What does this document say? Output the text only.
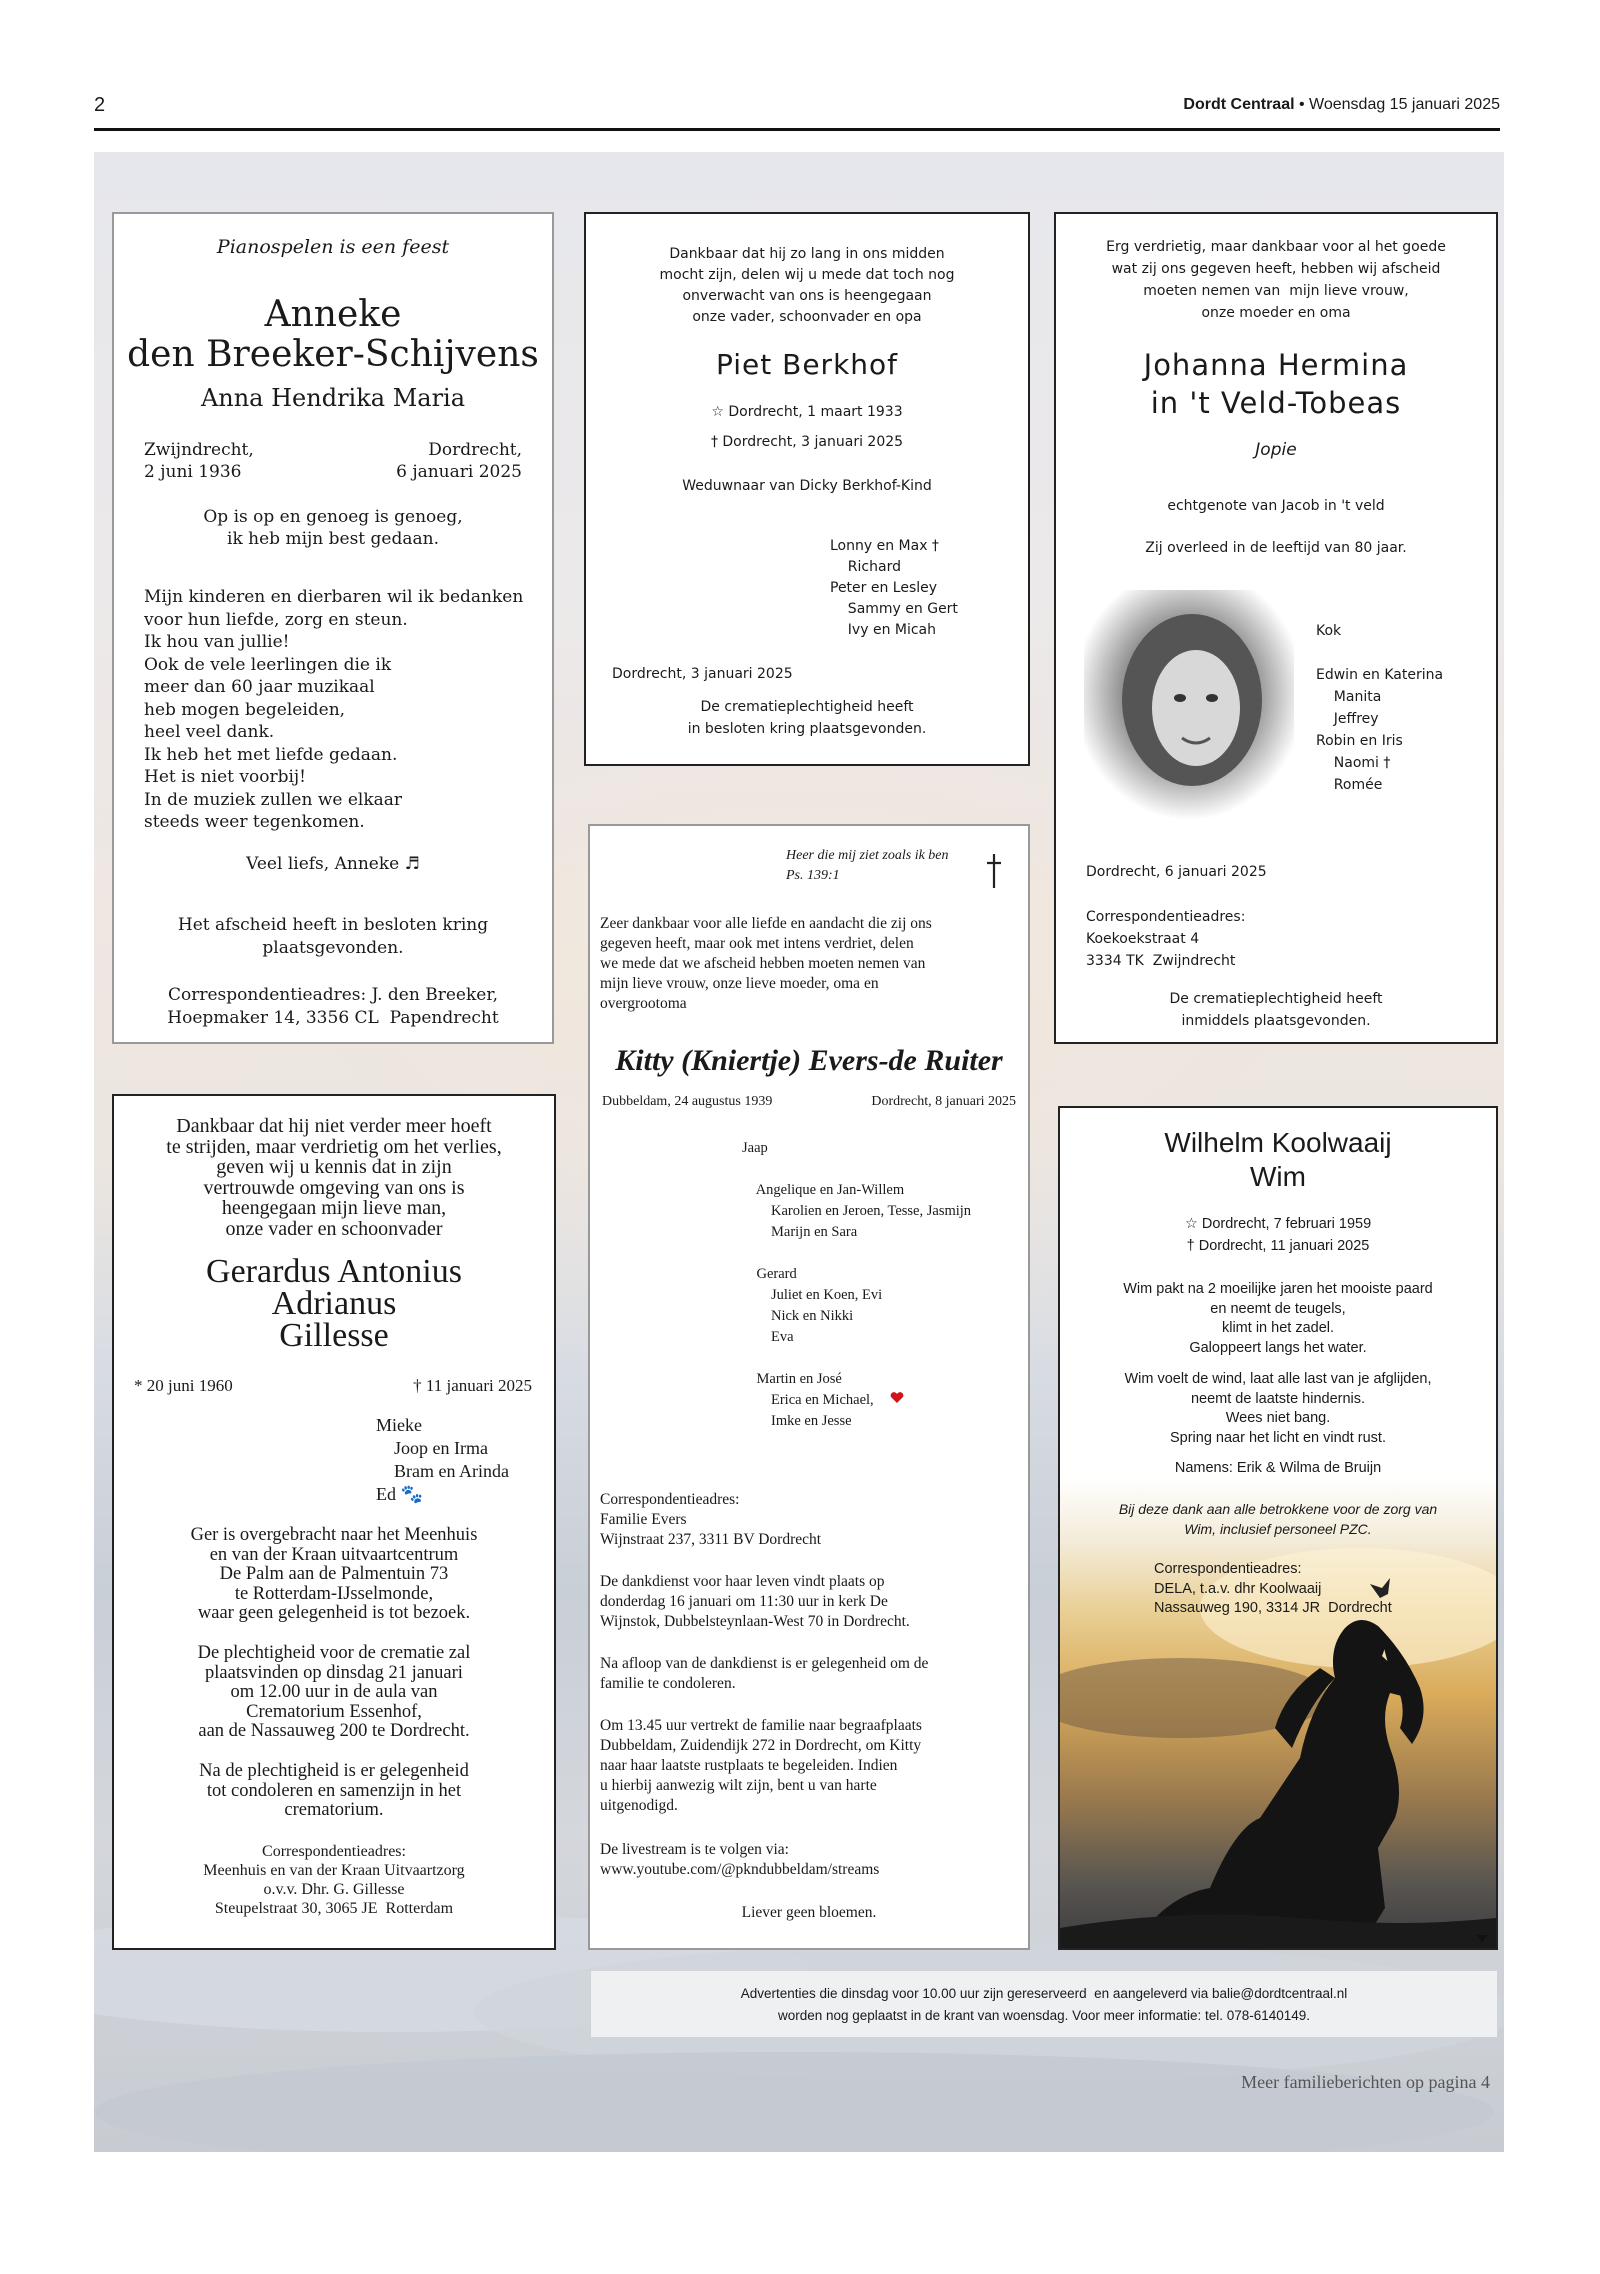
2	Dordt Centraal • Woensdag 15 januari 2025
Pianospelen is een feest
Anneke
den Breeker-Schijvens
Anna Hendrika Maria
Zwijndrecht,
2 juni 1936
Dordrecht,
6 januari 2025
Op is op en genoeg is genoeg,
ik heb mijn best gedaan.
Mijn kinderen en dierbaren wil ik bedanken
voor hun liefde, zorg en steun.
Ik hou van jullie!
Ook de vele leerlingen die ik
meer dan 60 jaar muzikaal
heb mogen begeleiden,
heel veel dank.
Ik heb het met liefde gedaan.
Het is niet voorbij!
In de muziek zullen we elkaar
steeds weer tegenkomen.
Veel liefs, Anneke ♬
Het afscheid heeft in besloten kring
plaatsgevonden.
Correspondentieadres: J. den Breeker,
Hoepmaker 14, 3356 CL  Papendrecht
Dankbaar dat hij zo lang in ons midden
mocht zijn, delen wij u mede dat toch nog
onverwacht van ons is heengegaan
onze vader, schoonvader en opa
Piet Berkhof
☆ Dordrecht, 1 maart 1933
† Dordrecht, 3 januari 2025
Weduwnaar van Dicky Berkhof-Kind
Lonny en Max †
Richard
Peter en Lesley
Sammy en Gert
Ivy en Micah
Dordrecht, 3 januari 2025
De crematieplechtigheid heeft
in besloten kring plaatsgevonden.
Erg verdrietig, maar dankbaar voor al het goede
wat zij ons gegeven heeft, hebben wij afscheid
moeten nemen van  mijn lieve vrouw,
onze moeder en oma
Johanna Hermina
in 't Veld-Tobeas
Jopie
echtgenote van Jacob in 't veld
Zij overleed in de leeftijd van 80 jaar.
Kok

Edwin en Katerina
Manita
Jeffrey
Robin en Iris
Naomi †
Romée
Dordrecht, 6 januari 2025
Correspondentieadres:
Koekoekstraat 4
3334 TK  Zwijndrecht
De crematieplechtigheid heeft
inmiddels plaatsgevonden.
Heer die mij ziet zoals ik ben
Ps. 139:1
Zeer dankbaar voor alle liefde en aandacht die zij ons
gegeven heeft, maar ook met intens verdriet, delen
we mede dat we afscheid hebben moeten nemen van
mijn lieve vrouw, onze lieve moeder, oma en
overgrootoma
Kitty (Kniertje) Evers-de Ruiter
Dubbeldam, 24 augustus 1939	Dordrecht, 8 januari 2025
Jaap

Angelique en Jan-Willem
Karolien en Jeroen, Tesse, Jasmijn
Marijn en Sara

Gerard
Juliet en Koen, Evi
Nick en Nikki
Eva

Martin en José
Erica en Michael,
Imke en Jesse
Correspondentieadres:
Familie Evers
Wijnstraat 237, 3311 BV Dordrecht
De dankdienst voor haar leven vindt plaats op
donderdag 16 januari om 11:30 uur in kerk De
Wijnstok, Dubbelsteynlaan-West 70 in Dordrecht.
Na afloop van de dankdienst is er gelegenheid om de
familie te condoleren.
Om 13.45 uur vertrekt de familie naar begraafplaats
Dubbeldam, Zuidendijk 272 in Dordrecht, om Kitty
naar haar laatste rustplaats te begeleiden. Indien
u hierbij aanwezig wilt zijn, bent u van harte
uitgenodigd.
De livestream is te volgen via:
www.youtube.com/@pkndubbeldam/streams
Liever geen bloemen.
Dankbaar dat hij niet verder meer hoeft
te strijden, maar verdrietig om het verlies,
geven wij u kennis dat in zijn
vertrouwde omgeving van ons is
heengegaan mijn lieve man,
onze vader en schoonvader
Gerardus Antonius
Adrianus
Gillesse
* 20 juni 1960	† 11 januari 2025
Mieke
Joop en Irma
Bram en Arinda
Ed 🐾
Ger is overgebracht naar het Meenhuis
en van der Kraan uitvaartcentrum
De Palm aan de Palmentuin 73
te Rotterdam-IJsselmonde,
waar geen gelegenheid is tot bezoek.
De plechtigheid voor de crematie zal
plaatsvinden op dinsdag 21 januari
om 12.00 uur in de aula van
Crematorium Essenhof,
aan de Nassauweg 200 te Dordrecht.
Na de plechtigheid is er gelegenheid
tot condoleren en samenzijn in het
crematorium.
Correspondentieadres:
Meenhuis en van der Kraan Uitvaartzorg
o.v.v. Dhr. G. Gillesse
Steupelstraat 30, 3065 JE  Rotterdam
Wilhelm Koolwaaij
Wim
☆ Dordrecht, 7 februari 1959
† Dordrecht, 11 januari 2025
Wim pakt na 2 moeilijke jaren het mooiste paard
en neemt de teugels,
klimt in het zadel.
Galoppeert langs het water.
Wim voelt de wind, laat alle last van je afglijden,
neemt de laatste hindernis.
Wees niet bang.
Spring naar het licht en vindt rust.
Namens: Erik & Wilma de Bruijn
Bij deze dank aan alle betrokkene voor de zorg van
Wim, inclusief personeel PZC.
Correspondentieadres:
DELA, t.a.v. dhr Koolwaaij
Nassauweg 190, 3314 JR  Dordrecht
Advertenties die dinsdag voor 10.00 uur zijn gereserveerd  en aangeleverd via balie@dordtcentraal.nl
worden nog geplaatst in de krant van woensdag. Voor meer informatie: tel. 078-6140149.
Meer familieberichten op pagina 4
